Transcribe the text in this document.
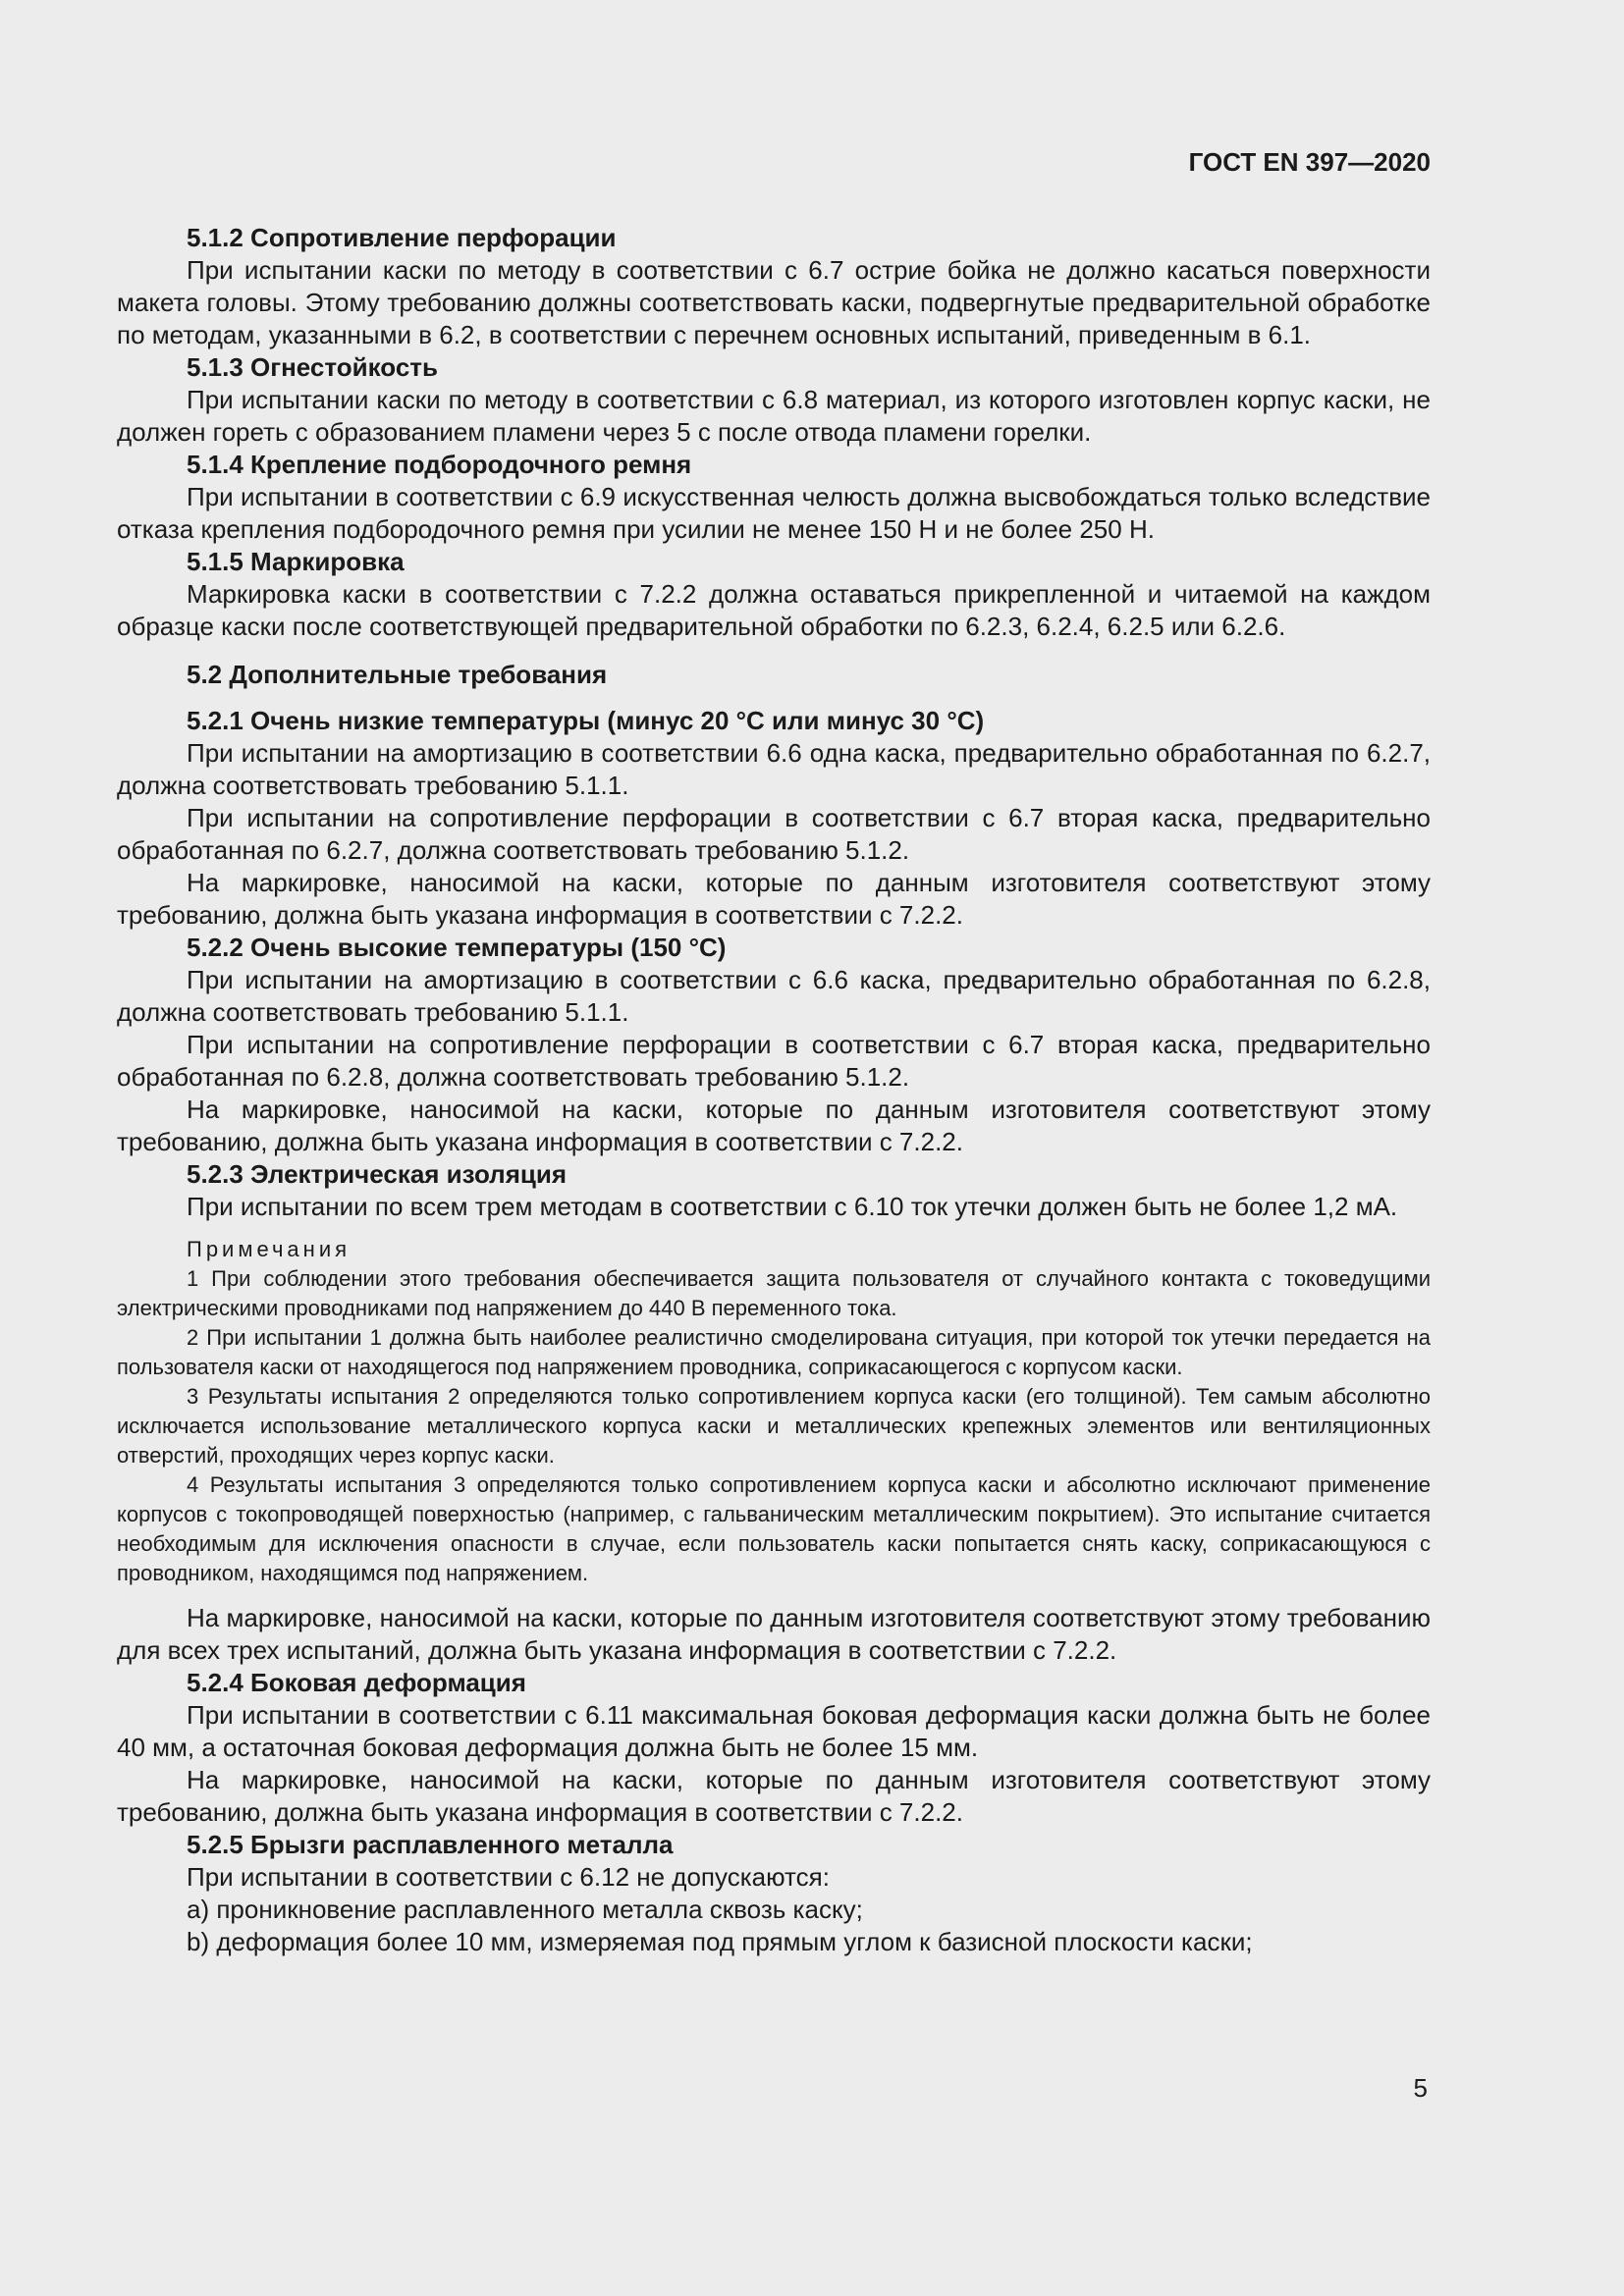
ГОСТ EN 397—2020

5.1.2 Сопротивление перфорации

При испытании каски по методу в соответствии с 6.7 острие бойка не должно касаться поверхности макета головы. Этому требованию должны соответствовать каски, подвергнутые предварительной обработке по методам, указанными в 6.2, в соответствии с перечнем основных испытаний, приведенным в 6.1.

5.1.3 Огнестойкость

При испытании каски по методу в соответствии с 6.8 материал, из которого изготовлен корпус каски, не должен гореть с образованием пламени через 5 с после отвода пламени горелки.

5.1.4 Крепление подбородочного ремня

При испытании в соответствии с 6.9 искусственная челюсть должна высвобождаться только вследствие отказа крепления подбородочного ремня при усилии не менее 150 Н и не более 250 Н.

5.1.5 Маркировка

Маркировка каски в соответствии с 7.2.2 должна оставаться прикрепленной и читаемой на каждом образце каски после соответствующей предварительной обработки по 6.2.3, 6.2.4, 6.2.5 или 6.2.6.

5.2 Дополнительные требования

5.2.1 Очень низкие температуры (минус 20 °С или минус 30 °С)

При испытании на амортизацию в соответствии 6.6 одна каска, предварительно обработанная по 6.2.7, должна соответствовать требованию 5.1.1.

При испытании на сопротивление перфорации в соответствии с 6.7 вторая каска, предварительно обработанная по 6.2.7, должна соответствовать требованию 5.1.2.

На маркировке, наносимой на каски, которые по данным изготовителя соответствуют этому требованию, должна быть указана информация в соответствии с 7.2.2.

5.2.2 Очень высокие температуры (150 °С)

При испытании на амортизацию в соответствии с 6.6 каска, предварительно обработанная по 6.2.8, должна соответствовать требованию 5.1.1.

При испытании на сопротивление перфорации в соответствии с 6.7 вторая каска, предварительно обработанная по 6.2.8, должна соответствовать требованию 5.1.2.

На маркировке, наносимой на каски, которые по данным изготовителя соответствуют этому требованию, должна быть указана информация в соответствии с 7.2.2.

5.2.3 Электрическая изоляция

При испытании по всем трем методам в соответствии с 6.10 ток утечки должен быть не более 1,2 мА.

Примечания

1 При соблюдении этого требования обеспечивается защита пользователя от случайного контакта с токоведущими электрическими проводниками под напряжением до 440 В переменного тока.

2 При испытании 1 должна быть наиболее реалистично смоделирована ситуация, при которой ток утечки передается на пользователя каски от находящегося под напряжением проводника, соприкасающегося с корпусом каски.

3 Результаты испытания 2 определяются только сопротивлением корпуса каски (его толщиной). Тем самым абсолютно исключается использование металлического корпуса каски и металлических крепежных элементов или вентиляционных отверстий, проходящих через корпус каски.

4 Результаты испытания 3 определяются только сопротивлением корпуса каски и абсолютно исключают применение корпусов с токопроводящей поверхностью (например, с гальваническим металлическим покрытием). Это испытание считается необходимым для исключения опасности в случае, если пользователь каски попытается снять каску, соприкасающуюся с проводником, находящимся под напряжением.

На маркировке, наносимой на каски, которые по данным изготовителя соответствуют этому требованию для всех трех испытаний, должна быть указана информация в соответствии с 7.2.2.

5.2.4 Боковая деформация

При испытании в соответствии с 6.11 максимальная боковая деформация каски должна быть не более 40 мм, а остаточная боковая деформация должна быть не более 15 мм.

На маркировке, наносимой на каски, которые по данным изготовителя соответствуют этому требованию, должна быть указана информация в соответствии с 7.2.2.

5.2.5 Брызги расплавленного металла

При испытании в соответствии с 6.12 не допускаются:

а) проникновение расплавленного металла сквозь каску;

b) деформация более 10 мм, измеряемая под прямым углом к базисной плоскости каски;

5
